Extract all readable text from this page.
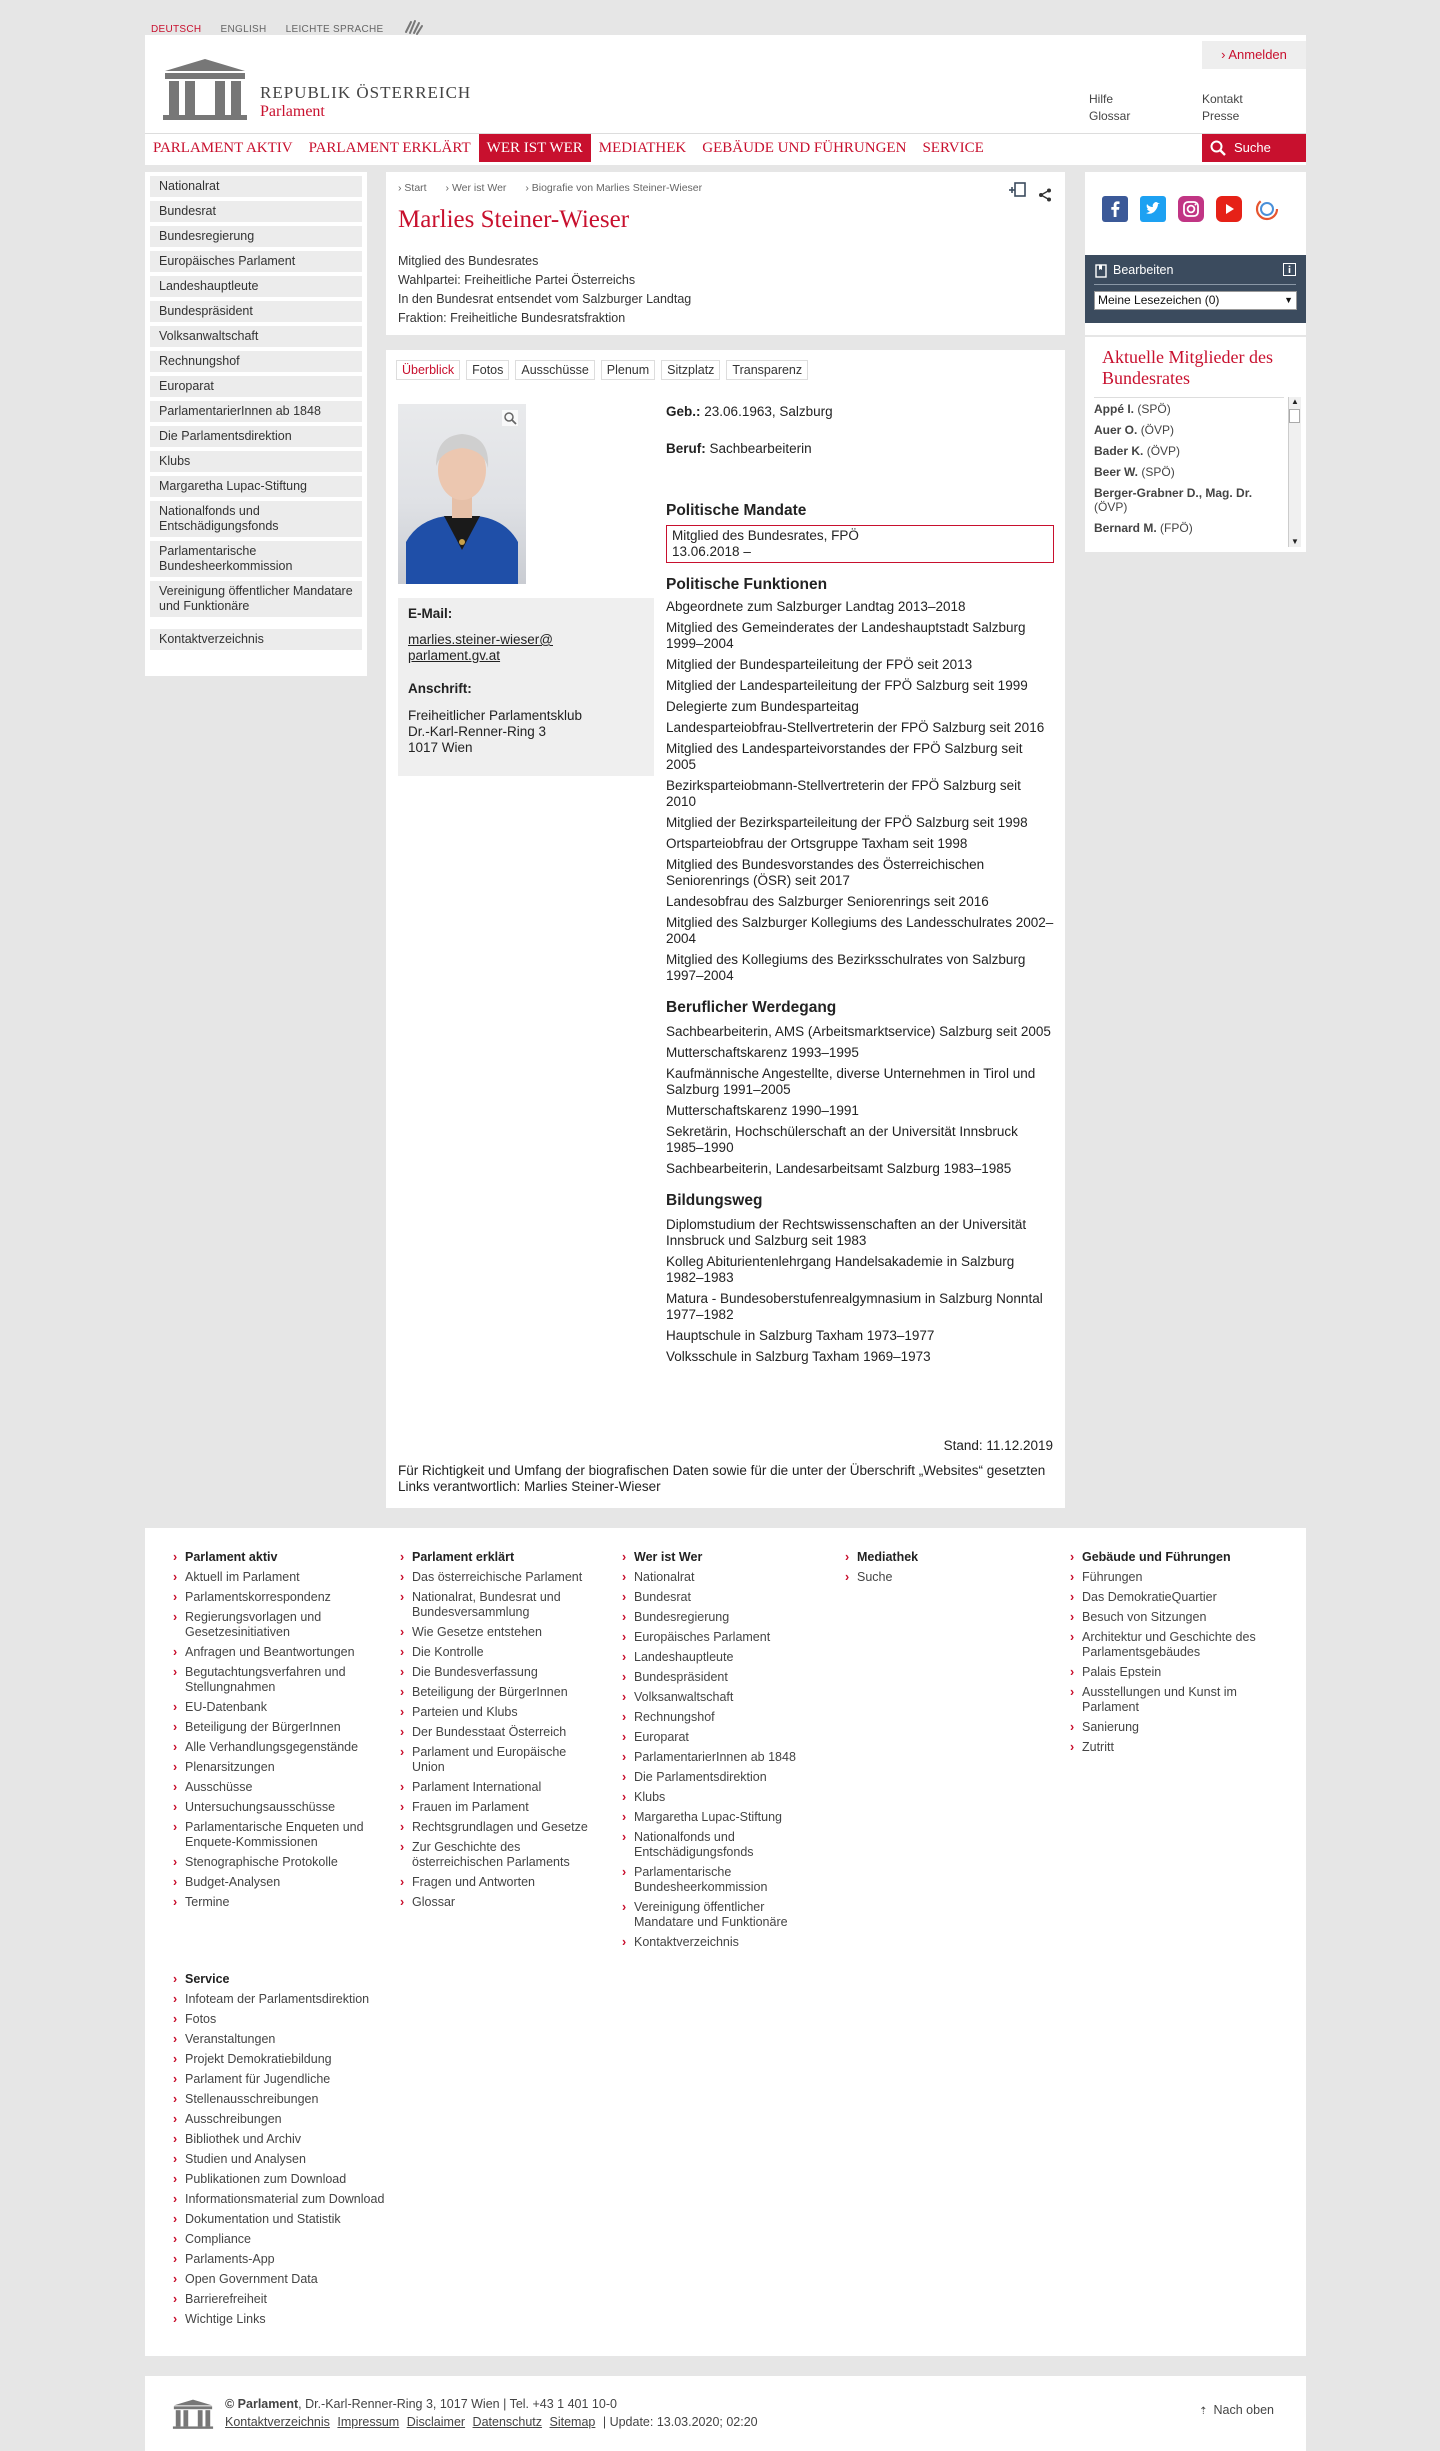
DEUTSCH ENGLISH LEICHTE SPRACHE
REPUBLIK ÖSTERREICH
Parlament
› Anmelden
Hilfe
Glossar
Kontakt
Presse
PARLAMENT AKTIV	PARLAMENT ERKLÄRT	WER IST WER	MEDIATHEK	GEBÄUDE UND FÜHRUNGEN	SERVICE	Suche
Nationalrat
Bundesrat
Bundesregierung
Europäisches Parlament
Landeshauptleute
Bundespräsident
Volksanwaltschaft
Rechnungshof
Europarat
ParlamentarierInnen ab 1848
Die Parlamentsdirektion
Klubs
Margaretha Lupac-Stiftung
Nationalfonds und Entschädigungsfonds
Parlamentarische Bundesheerkommission
Vereinigung öffentlicher Mandatare und Funktionäre
Kontaktverzeichnis
› Start › Wer ist Wer › Biografie von Marlies Steiner-Wieser
Marlies Steiner-Wieser
Mitglied des Bundesrates
Wahlpartei: Freiheitliche Partei Österreichs
In den Bundesrat entsendet vom Salzburger Landtag
Fraktion: Freiheitliche Bundesratsfraktion
Überblick	Fotos	Ausschüsse	Plenum	Sitzplatz	Transparenz
E-Mail:
marlies.steiner-wieser@
parlament.gv.at
Anschrift:
Freiheitlicher Parlamentsklub
Dr.-Karl-Renner-Ring 3
1017 Wien
Geb.: 23.06.1963, Salzburg
Beruf: Sachbearbeiterin
Politische Mandate
Mitglied des Bundesrates, FPÖ
13.06.2018 –
Politische Funktionen
Abgeordnete zum Salzburger Landtag 2013–2018
Mitglied des Gemeinderates der Landeshauptstadt Salzburg 1999–2004
Mitglied der Bundesparteileitung der FPÖ seit 2013
Mitglied der Landesparteileitung der FPÖ Salzburg seit 1999
Delegierte zum Bundesparteitag
Landesparteiobfrau-Stellvertreterin der FPÖ Salzburg seit 2016
Mitglied des Landesparteivorstandes der FPÖ Salzburg seit 2005
Bezirksparteiobmann-Stellvertreterin der FPÖ Salzburg seit 2010
Mitglied der Bezirksparteileitung der FPÖ Salzburg seit 1998
Ortsparteiobfrau der Ortsgruppe Taxham seit 1998
Mitglied des Bundesvorstandes des Österreichischen Seniorenrings (ÖSR) seit 2017
Landesobfrau des Salzburger Seniorenrings seit 2016
Mitglied des Salzburger Kollegiums des Landesschulrates 2002–2004
Mitglied des Kollegiums des Bezirksschulrates von Salzburg 1997–2004
Beruflicher Werdegang
Sachbearbeiterin, AMS (Arbeitsmarktservice) Salzburg seit 2005
Mutterschaftskarenz 1993–1995
Kaufmännische Angestellte, diverse Unternehmen in Tirol und Salzburg 1991–2005
Mutterschaftskarenz 1990–1991
Sekretärin, Hochschülerschaft an der Universität Innsbruck 1985–1990
Sachbearbeiterin, Landesarbeitsamt Salzburg 1983–1985
Bildungsweg
Diplomstudium der Rechtswissenschaften an der Universität Innsbruck und Salzburg seit 1983
Kolleg Abiturientenlehrgang Handelsakademie in Salzburg 1982–1983
Matura - Bundesoberstufenrealgymnasium in Salzburg Nonntal 1977–1982
Hauptschule in Salzburg Taxham 1973–1977
Volksschule in Salzburg Taxham 1969–1973
Stand: 11.12.2019
Für Richtigkeit und Umfang der biografischen Daten sowie für die unter der Überschrift „Websites“ gesetzten Links verantwortlich: Marlies Steiner-Wieser
Bearbeiten
Meine Lesezeichen (0)	▼
Aktuelle Mitglieder des Bundesrates
Appé I. (SPÖ)
Auer O. (ÖVP)
Bader K. (ÖVP)
Beer W. (SPÖ)
Berger-Grabner D., Mag. Dr. (ÖVP)
Bernard M. (FPÖ)
▲
▼
› Parlament aktiv
› Aktuell im Parlament
› Parlamentskorrespondenz
› Regierungsvorlagen und Gesetzesinitiativen
› Anfragen und Beantwortungen
› Begutachtungsverfahren und Stellungnahmen
› EU-Datenbank
› Beteiligung der BürgerInnen
› Alle Verhandlungsgegenstände
› Plenarsitzungen
› Ausschüsse
› Untersuchungsausschüsse
› Parlamentarische Enqueten und Enquete-Kommissionen
› Stenographische Protokolle
› Budget-Analysen
› Termine
› Parlament erklärt
› Das österreichische Parlament
› Nationalrat, Bundesrat und Bundesversammlung
› Wie Gesetze entstehen
› Die Kontrolle
› Die Bundesverfassung
› Beteiligung der BürgerInnen
› Parteien und Klubs
› Der Bundesstaat Österreich
› Parlament und Europäische Union
› Parlament International
› Frauen im Parlament
› Rechtsgrundlagen und Gesetze
› Zur Geschichte des österreichischen Parlaments
› Fragen und Antworten
› Glossar
› Wer ist Wer
› Nationalrat
› Bundesrat
› Bundesregierung
› Europäisches Parlament
› Landeshauptleute
› Bundespräsident
› Volksanwaltschaft
› Rechnungshof
› Europarat
› ParlamentarierInnen ab 1848
› Die Parlamentsdirektion
› Klubs
› Margaretha Lupac-Stiftung
› Nationalfonds und Entschädigungsfonds
› Parlamentarische Bundesheerkommission
› Vereinigung öffentlicher Mandatare und Funktionäre
› Kontaktverzeichnis
› Mediathek
› Suche
› Gebäude und Führungen
› Führungen
› Das DemokratieQuartier
› Besuch von Sitzungen
› Architektur und Geschichte des Parlamentsgebäudes
› Palais Epstein
› Ausstellungen und Kunst im Parlament
› Sanierung
› Zutritt
› Service
› Infoteam der Parlamentsdirektion
› Fotos
› Veranstaltungen
› Projekt Demokratiebildung
› Parlament für Jugendliche
› Stellenausschreibungen
› Ausschreibungen
› Bibliothek und Archiv
› Studien und Analysen
› Publikationen zum Download
› Informationsmaterial zum Download
› Dokumentation und Statistik
› Compliance
› Parlaments-App
› Open Government Data
› Barrierefreiheit
› Wichtige Links
© Parlament, Dr.-Karl-Renner-Ring 3, 1017 Wien | Tel. +43 1 401 10-0
Kontaktverzeichnis Impressum Disclaimer Datenschutz Sitemap | Update: 13.03.2020; 02:20
⇡ Nach oben
